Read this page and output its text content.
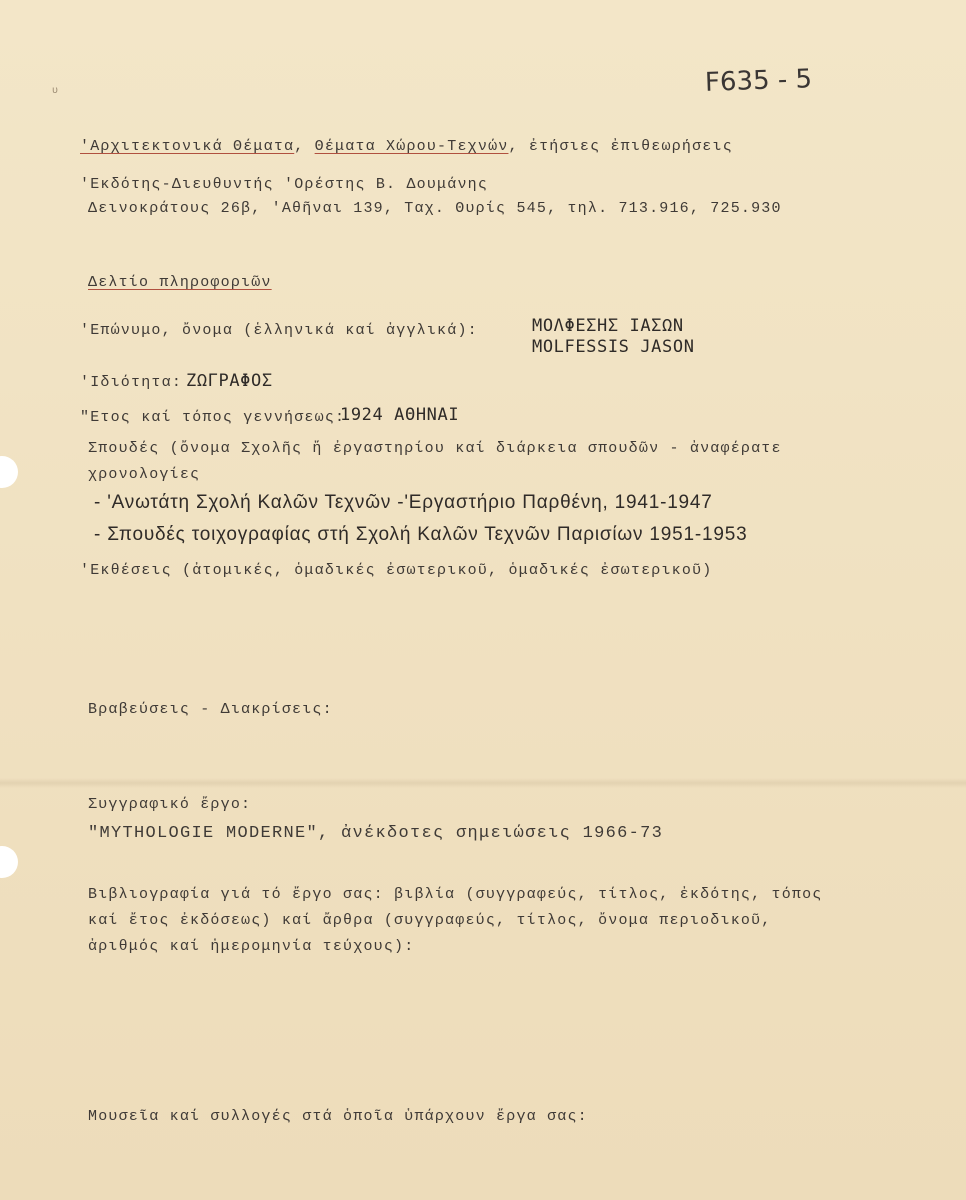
υ	F635 - 5
'Αρχιτεκτονικά Θέματα, Θέματα Χώρου-Τεχνών, ἐτήσιες ἐπιθεωρήσεις
'Εκδότης-Διευθυντής 'Ορέστης Β. Δουμάνης
Δεινοκράτους 26β, 'Αθῆναι 139, Ταχ. Θυρίς 545, τηλ. 713.916, 725.930
Δελτίο πληροφοριῶν
'Επώνυμο, ὄνομα (ἑλληνικά καί ἀγγλικά):	ΜΟΛΦΕΣΗΣ ΙΑΣΩΝ
MOLFESSIS JASON
'Ιδιότητα: ΖΩΓΡΑΦΟΣ
"Ετος καί τόπος γεννήσεως:
1924 ΑΘΗΝΑΙ
Σπουδές (ὄνομα Σχολῆς ἤ ἐργαστηρίου καί διάρκεια σπουδῶν - ἀναφέρατε
χρονολογίες
- 'Ανωτάτη Σχολή Καλῶν Τεχνῶν -'Εργαστήριο Παρθένη, 1941-1947
- Σπουδές τοιχογραφίας στή Σχολή Καλῶν Τεχνῶν Παρισίων 1951-1953
'Εκθέσεις (ἀτομικές, ὁμαδικές ἐσωτερικοῦ, ὁμαδικές ἐσωτερικοῦ)
Βραβεύσεις - Διακρίσεις:
Συγγραφικό ἔργο:
"MYTHOLOGIE MODERNE", ἀνέκδοτες σημειώσεις 1966-73
Βιβλιογραφία γιά τό ἔργο σας: βιβλία (συγγραφεύς, τίτλος, ἐκδότης, τόπος
καί ἔτος ἐκδόσεως) καί ἄρθρα (συγγραφεύς, τίτλος, ὄνομα περιοδικοῦ,
ἀριθμός καί ἡμερομηνία τεύχους):
Μουσεῖα καί συλλογές στά ὁποῖα ὑπάρχουν ἔργα σας:
